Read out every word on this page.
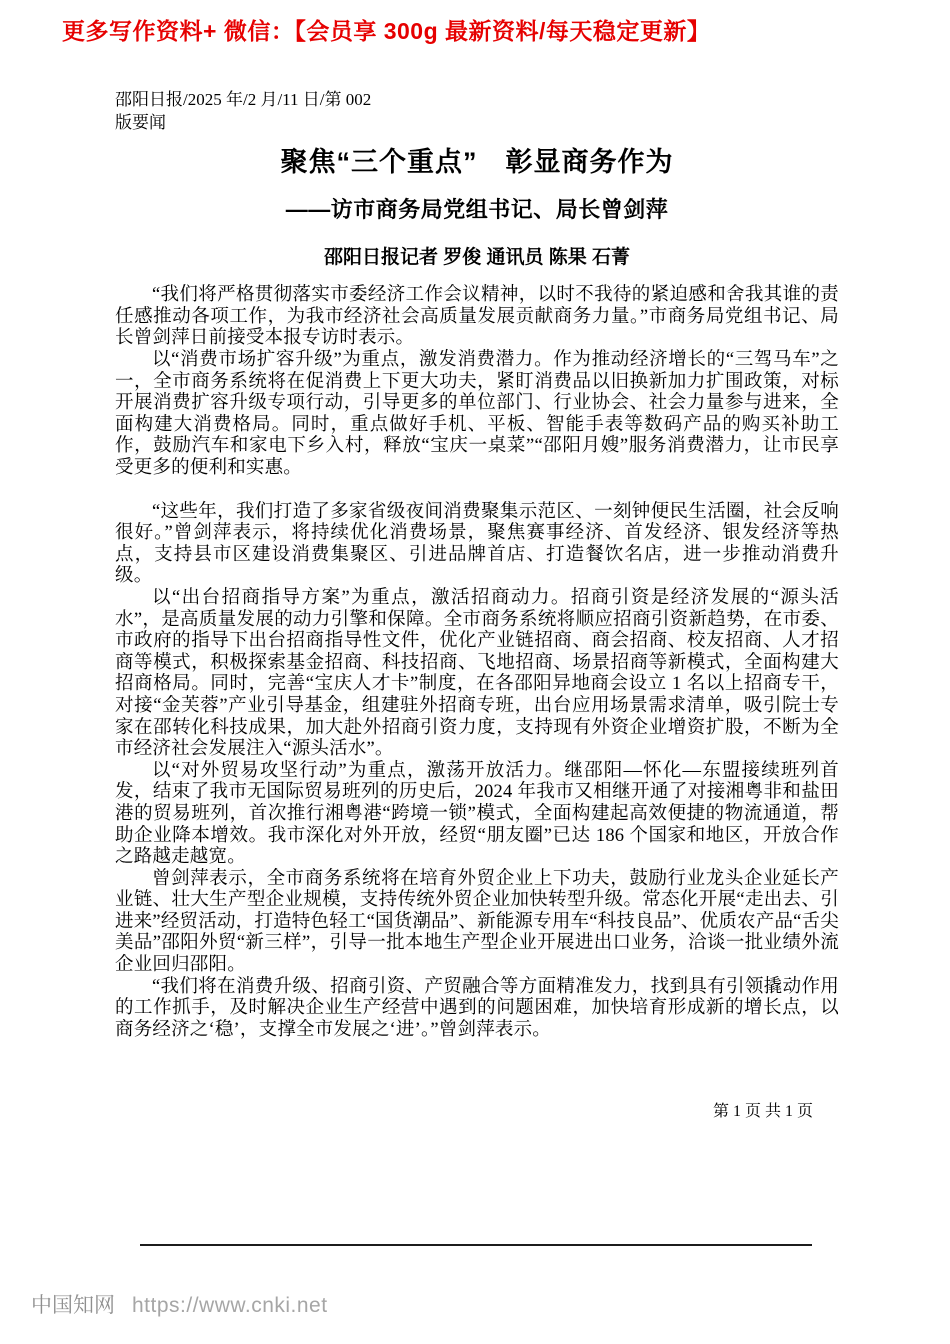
更多写作资料+ 微信：【会员享 300g 最新资料/每天稳定更新】
邵阳日报/2025 年/2 月/11 日/第 002
版要闻
聚焦“三个重点”　彰显商务作为
——访市商务局党组书记、局长曾剑萍
邵阳日报记者 罗俊 通讯员 陈果 石菁

“我们将严格贯彻落实市委经济工作会议精神，以时不我待的紧迫感和舍我其谁的责任感推动各项工作，为我市经济社会高质量发展贡献商务力量。”市商务局党组书记、局长曾剑萍日前接受本报专访时表示。

以“消费市场扩容升级”为重点，激发消费潜力。作为推动经济增长的“三驾马车”之一，全市商务系统将在促消费上下更大功夫，紧盯消费品以旧换新加力扩围政策，对标开展消费扩容升级专项行动，引导更多的单位部门、行业协会、社会力量参与进来，全面构建大消费格局。同时，重点做好手机、平板、智能手表等数码产品的购买补助工作，鼓励汽车和家电下乡入村，释放“宝庆一桌菜”“邵阳月嫂”服务消费潜力，让市民享受更多的便利和实惠。

“这些年，我们打造了多家省级夜间消费聚集示范区、一刻钟便民生活圈，社会反响很好。”曾剑萍表示，将持续优化消费场景，聚焦赛事经济、首发经济、银发经济等热点，支持县市区建设消费集聚区、引进品牌首店、打造餐饮名店，进一步推动消费升级。

以“出台招商指导方案”为重点，激活招商动力。招商引资是经济发展的“源头活水”，是高质量发展的动力引擎和保障。全市商务系统将顺应招商引资新趋势，在市委、市政府的指导下出台招商指导性文件，优化产业链招商、商会招商、校友招商、人才招商等模式，积极探索基金招商、科技招商、飞地招商、场景招商等新模式，全面构建大招商格局。同时，完善“宝庆人才卡”制度，在各邵阳异地商会设立 1 名以上招商专干，对接“金芙蓉”产业引导基金，组建驻外招商专班，出台应用场景需求清单，吸引院士专家在邵转化科技成果，加大赴外招商引资力度，支持现有外资企业增资扩股，不断为全市经济社会发展注入“源头活水”。

以“对外贸易攻坚行动”为重点，激荡开放活力。继邵阳—怀化—东盟接续班列首发，结束了我市无国际贸易班列的历史后，2024 年我市又相继开通了对接湘粤非和盐田港的贸易班列，首次推行湘粤港“跨境一锁”模式，全面构建起高效便捷的物流通道，帮助企业降本增效。我市深化对外开放，经贸“朋友圈”已达 186 个国家和地区，开放合作之路越走越宽。

曾剑萍表示，全市商务系统将在培育外贸企业上下功夫，鼓励行业龙头企业延长产业链、壮大生产型企业规模，支持传统外贸企业加快转型升级。常态化开展“走出去、引进来”经贸活动，打造特色轻工“国货潮品”、新能源专用车“科技良品”、优质农产品“舌尖美品”邵阳外贸“新三样”，引导一批本地生产型企业开展进出口业务，洽谈一批业绩外流企业回归邵阳。

“我们将在消费升级、招商引资、产贸融合等方面精准发力，找到具有引领撬动作用的工作抓手，及时解决企业生产经营中遇到的问题困难，加快培育形成新的增长点，以商务经济之‘稳’，支撑全市发展之‘进’。”曾剑萍表示。

第 1 页 共 1 页
中国知网 https://www.cnki.net
